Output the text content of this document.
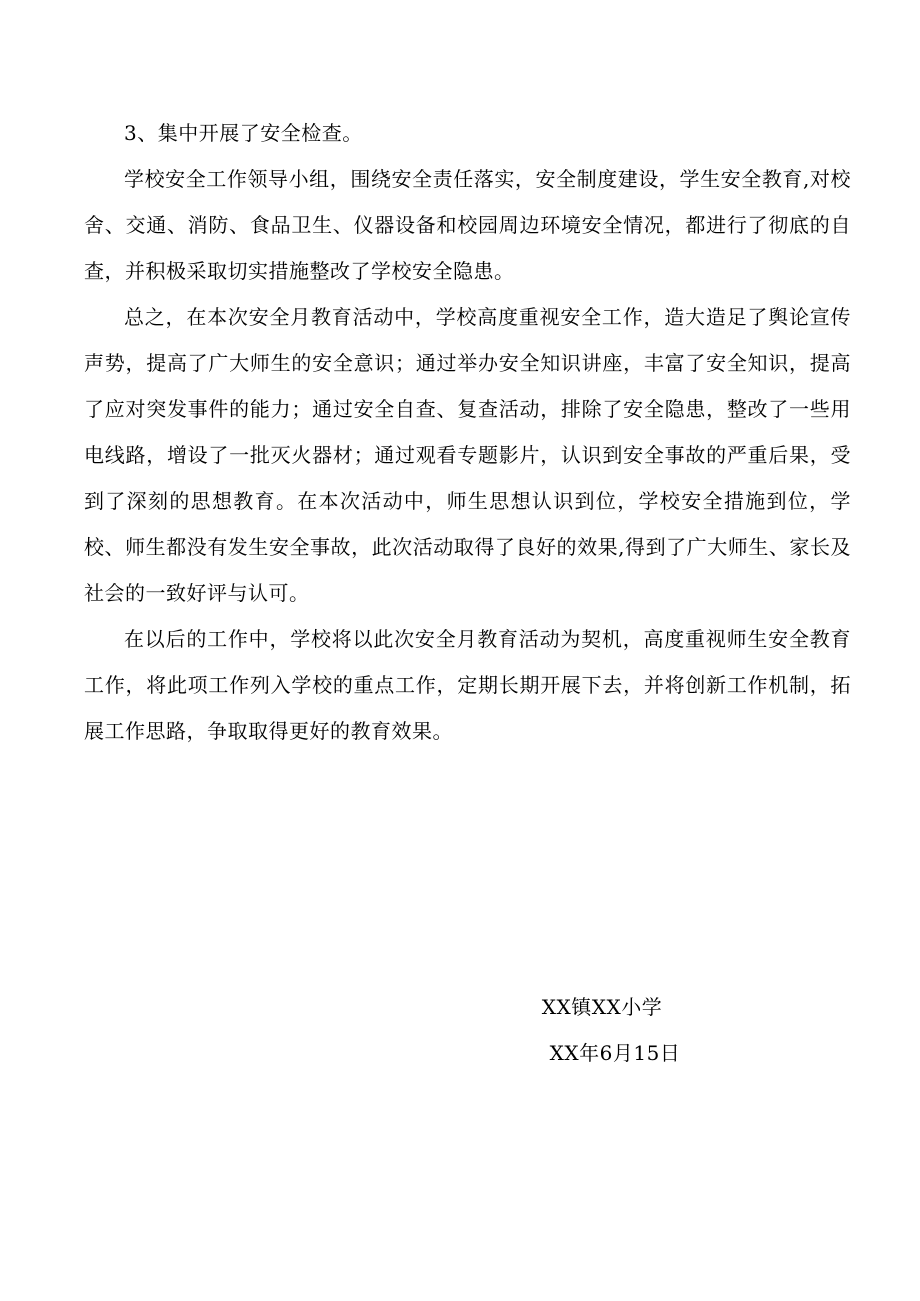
3、集中开展了安全检查。

学校安全工作领导小组，围绕安全责任落实，安全制度建设，学生安全教育,对校舍、交通、消防、食品卫生、仪器设备和校园周边环境安全情况，都进行了彻底的自查，并积极采取切实措施整改了学校安全隐患。

总之，在本次安全月教育活动中，学校高度重视安全工作，造大造足了舆论宣传声势，提高了广大师生的安全意识；通过举办安全知识讲座，丰富了安全知识，提高了应对突发事件的能力；通过安全自查、复查活动，排除了安全隐患，整改了一些用电线路，增设了一批灭火器材；通过观看专题影片，认识到安全事故的严重后果，受到了深刻的思想教育。在本次活动中，师生思想认识到位，学校安全措施到位，学校、师生都没有发生安全事故，此次活动取得了良好的效果,得到了广大师生、家长及社会的一致好评与认可。

在以后的工作中，学校将以此次安全月教育活动为契机，高度重视师生安全教育工作，将此项工作列入学校的重点工作，定期长期开展下去，并将创新工作机制，拓展工作思路，争取取得更好的教育效果。

XX镇XX小学

XX年6月15日
